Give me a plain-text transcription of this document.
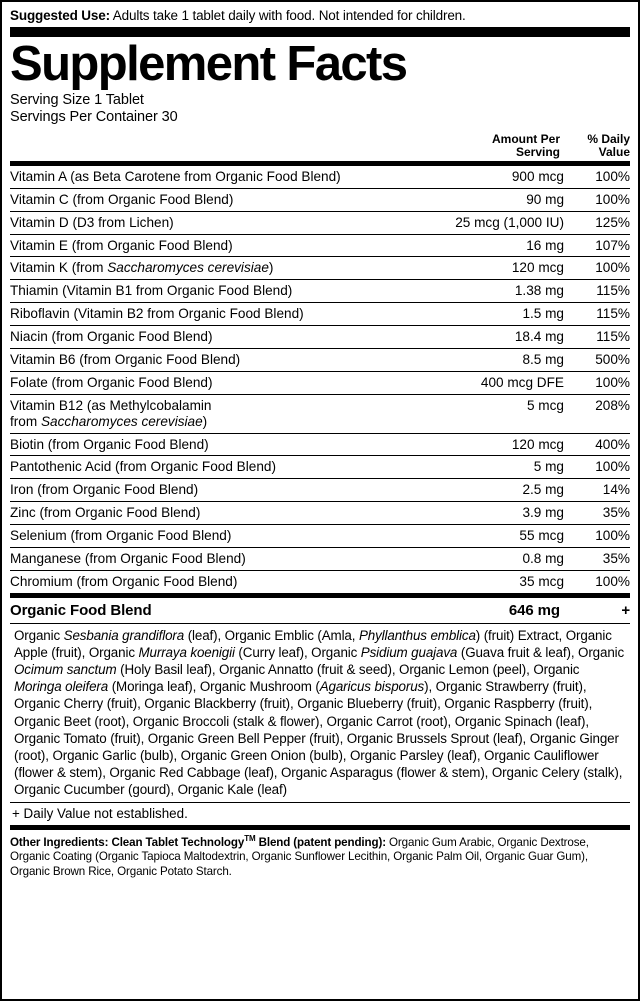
Suggested Use: Adults take 1 tablet daily with food. Not intended for children.
Supplement Facts
Serving Size 1 Tablet
Servings Per Container 30
Amount Per
Serving
% Daily
Value
Vitamin A (as Beta Carotene from Organic Food Blend)	900 mcg	100%
Vitamin C (from Organic Food Blend)	90 mg	100%
Vitamin D (D3 from Lichen)	25 mcg (1,000 IU)	125%
Vitamin E (from Organic Food Blend)	16 mg	107%
Vitamin K (from Saccharomyces cerevisiae)	120 mcg	100%
Thiamin (Vitamin B1 from Organic Food Blend)	1.38 mg	115%
Riboflavin (Vitamin B2 from Organic Food Blend)	1.5 mg	115%
Niacin (from Organic Food Blend)	18.4 mg	115%
Vitamin B6 (from Organic Food Blend)	8.5 mg	500%
Folate (from Organic Food Blend)	400 mcg DFE	100%
Vitamin B12 (as Methylcobalamin
from Saccharomyces cerevisiae)	5 mcg	208%
Biotin (from Organic Food Blend)	120 mcg	400%
Pantothenic Acid (from Organic Food Blend)	5 mg	100%
Iron (from Organic Food Blend)	2.5 mg	14%
Zinc (from Organic Food Blend)	3.9 mg	35%
Selenium (from Organic Food Blend)	55 mcg	100%
Manganese (from Organic Food Blend)	0.8 mg	35%
Chromium (from Organic Food Blend)	35 mcg	100%
Organic Food Blend	646 mg	+
Organic Sesbania grandiflora (leaf), Organic Emblic (Amla, Phyllanthus emblica) (fruit) Extract, Organic Apple (fruit), Organic Murraya koenigii (Curry leaf), Organic Psidium guajava (Guava fruit & leaf), Organic Ocimum sanctum (Holy Basil leaf), Organic Annatto (fruit & seed), Organic Lemon (peel), Organic Moringa oleifera (Moringa leaf), Organic Mushroom (Agaricus bisporus), Organic Strawberry (fruit), Organic Cherry (fruit), Organic Blackberry (fruit), Organic Blueberry (fruit), Organic Raspberry (fruit), Organic Beet (root), Organic Broccoli (stalk & flower), Organic Carrot (root), Organic Spinach (leaf), Organic Tomato (fruit), Organic Green Bell Pepper (fruit), Organic Brussels Sprout (leaf), Organic Ginger (root), Organic Garlic (bulb), Organic Green Onion (bulb), Organic Parsley (leaf), Organic Cauliflower (flower & stem), Organic Red Cabbage (leaf), Organic Asparagus (flower & stem), Organic Celery (stalk), Organic Cucumber (gourd), Organic Kale (leaf)
+ Daily Value not established.
Other Ingredients: Clean Tablet Technology™ Blend (patent pending): Organic Gum Arabic, Organic Dextrose, Organic Coating (Organic Tapioca Maltodextrin, Organic Sunflower Lecithin, Organic Palm Oil, Organic Guar Gum), Organic Brown Rice, Organic Potato Starch.
